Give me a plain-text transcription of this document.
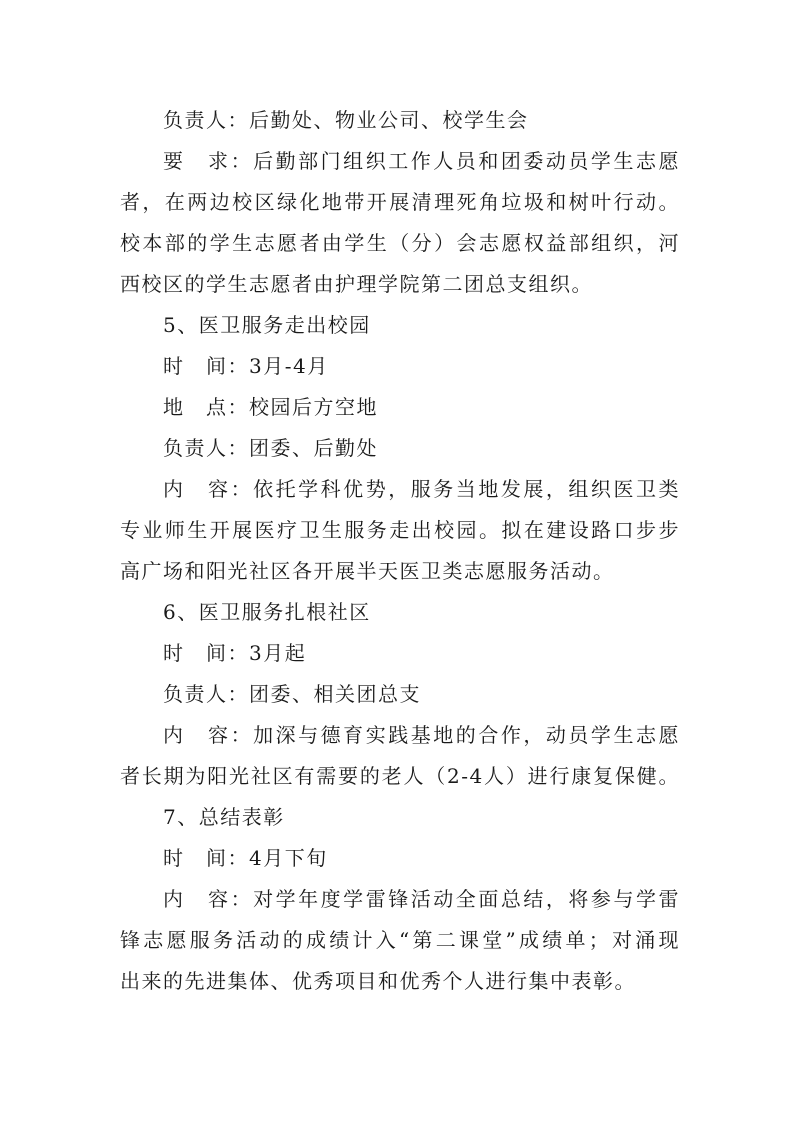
负责人：后勤处、物业公司、校学生会
要　求：后勤部门组织工作人员和团委动员学生志愿
者，在两边校区绿化地带开展清理死角垃圾和树叶行动。
校本部的学生志愿者由学生（分）会志愿权益部组织，河
西校区的学生志愿者由护理学院第二团总支组织。
5、医卫服务走出校园
时　间：3月-4月
地　点：校园后方空地
负责人：团委、后勤处
内　容：依托学科优势，服务当地发展，组织医卫类
专业师生开展医疗卫生服务走出校园。拟在建设路口步步
高广场和阳光社区各开展半天医卫类志愿服务活动。
6、医卫服务扎根社区
时　间：3月起
负责人：团委、相关团总支
内　容：加深与德育实践基地的合作，动员学生志愿
者长期为阳光社区有需要的老人（2-4人）进行康复保健。
7、总结表彰
时　间：4月下旬
内　容：对学年度学雷锋活动全面总结，将参与学雷
锋志愿服务活动的成绩计入“第二课堂”成绩单；对涌现
出来的先进集体、优秀项目和优秀个人进行集中表彰。
